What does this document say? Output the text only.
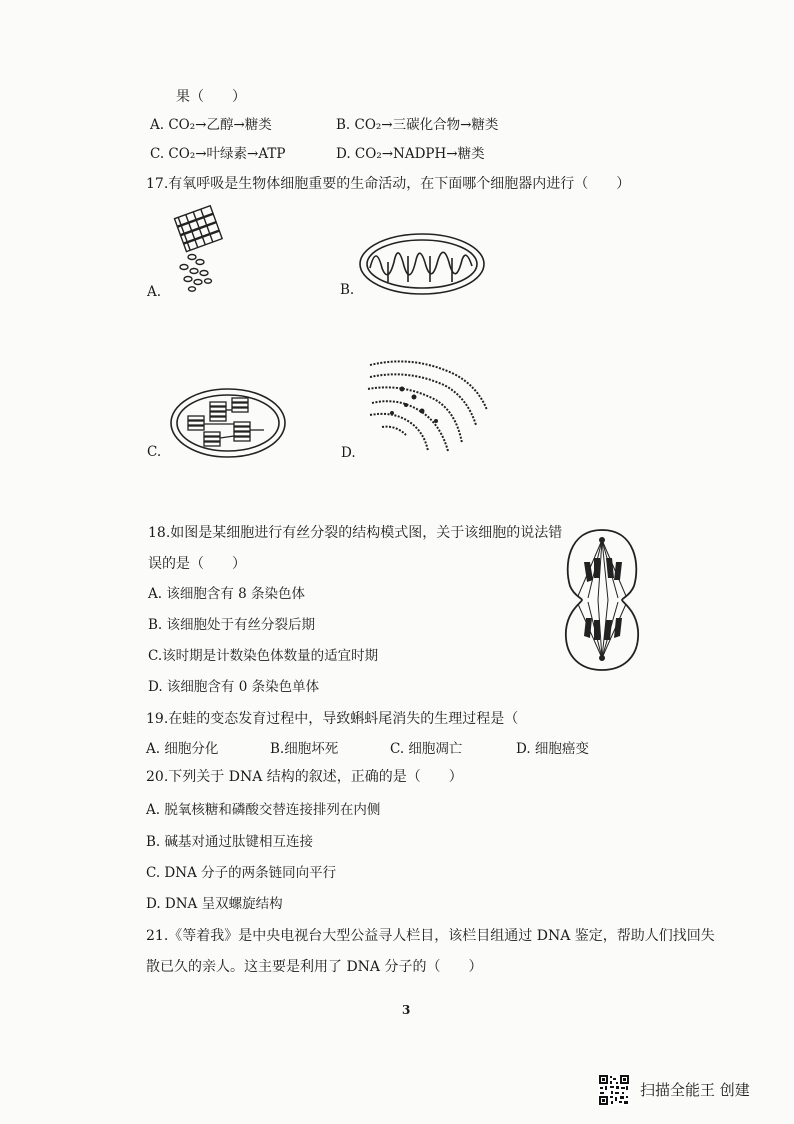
果（　　）
A. CO₂→乙醇→糖类	B. CO₂→三碳化合物→糖类
C. CO₂→叶绿素→ATP	D. CO₂→NADPH→糖类
17.有氧呼吸是生物体细胞重要的生命活动，在下面哪个细胞器内进行（　　）
A.	B.
C.	D.
18.如图是某细胞进行有丝分裂的结构模式图，关于该细胞的说法错
误的是（　　）
A. 该细胞含有 8 条染色体
B. 该细胞处于有丝分裂后期
C.该时期是计数染色体数量的适宜时期
D. 该细胞含有 0 条染色单体
19.在蛙的变态发育过程中，导致蝌蚪尾消失的生理过程是（
A. 细胞分化	B.细胞坏死	C. 细胞凋亡	D. 细胞癌变
20.下列关于 DNA 结构的叙述，正确的是（　　）
A. 脱氧核糖和磷酸交替连接排列在内侧
B. 碱基对通过肽键相互连接
C. DNA 分子的两条链同向平行
D. DNA 呈双螺旋结构
21.《等着我》是中央电视台大型公益寻人栏目，该栏目组通过 DNA 鉴定，帮助人们找回失
散已久的亲人。这主要是利用了 DNA 分子的（　　）
3
扫描全能王 创建
